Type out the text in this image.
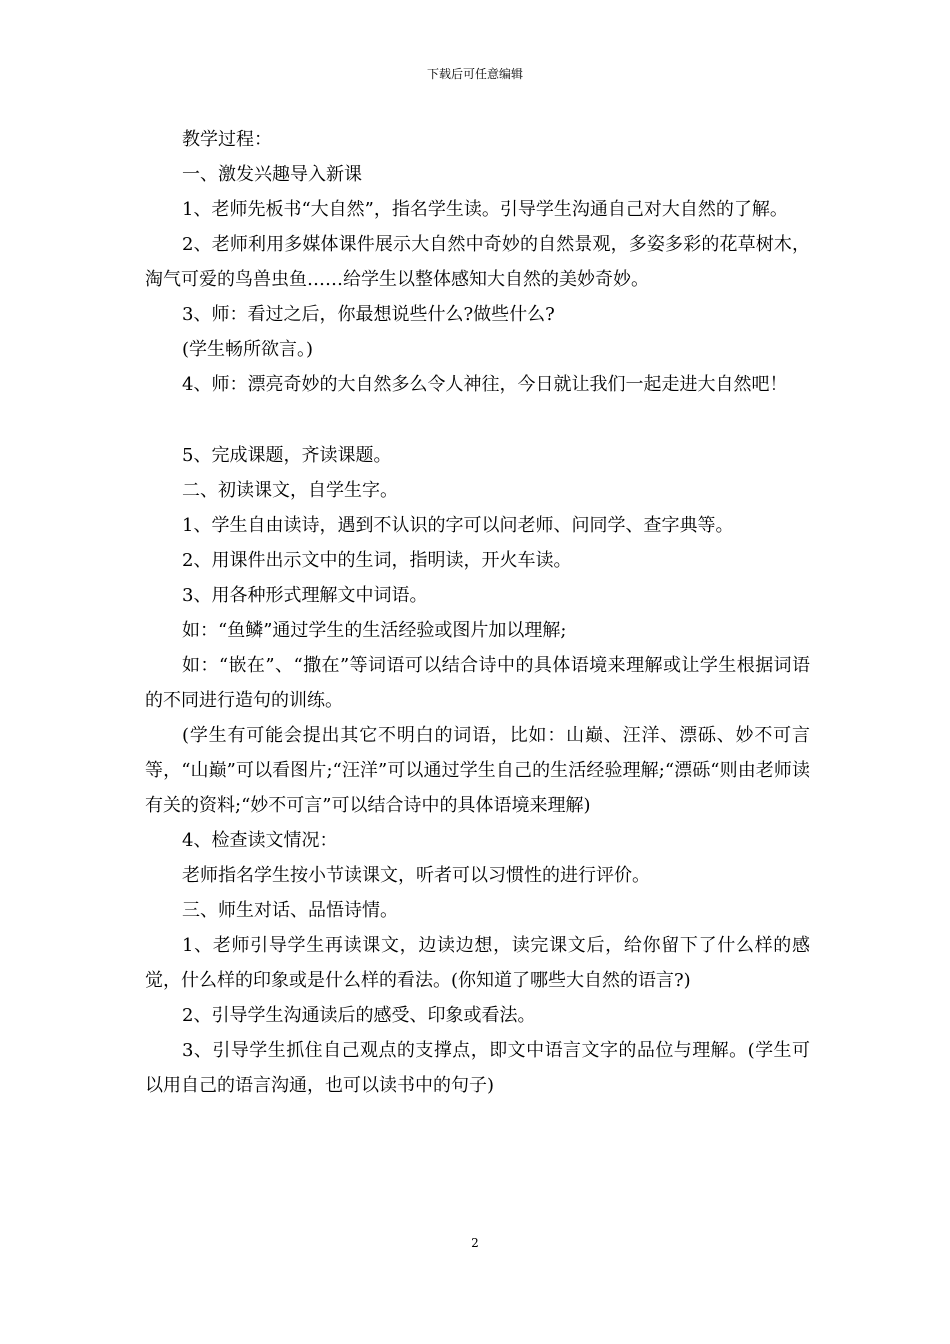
下载后可任意编辑

教学过程：

一、激发兴趣导入新课

1、老师先板书“大自然”，指名学生读。引导学生沟通自己对大自然的了解。

2、老师利用多媒体课件展示大自然中奇妙的自然景观，多姿多彩的花草树木，淘气可爱的鸟兽虫鱼……给学生以整体感知大自然的美妙奇妙。

3、师：看过之后，你最想说些什么?做些什么?

(学生畅所欲言。)

4、师：漂亮奇妙的大自然多么令人神往，今日就让我们一起走进大自然吧！

5、完成课题，齐读课题。

二、初读课文，自学生字。

1、学生自由读诗，遇到不认识的字可以问老师、问同学、查字典等。

2、用课件出示文中的生词，指明读，开火车读。

3、用各种形式理解文中词语。

如：“鱼鳞”通过学生的生活经验或图片加以理解;

如：“嵌在”、“撒在”等词语可以结合诗中的具体语境来理解或让学生根据词语的不同进行造句的训练。

(学生有可能会提出其它不明白的词语，比如：山巅、汪洋、漂砾、妙不可言等，“山巅”可以看图片;“汪洋”可以通过学生自己的生活经验理解;“漂砾“则由老师读有关的资料;“妙不可言”可以结合诗中的具体语境来理解)

4、检查读文情况：

老师指名学生按小节读课文，听者可以习惯性的进行评价。

三、师生对话、品悟诗情。

1、老师引导学生再读课文，边读边想，读完课文后，给你留下了什么样的感觉，什么样的印象或是什么样的看法。(你知道了哪些大自然的语言?)

2、引导学生沟通读后的感受、印象或看法。

3、引导学生抓住自己观点的支撑点，即文中语言文字的品位与理解。(学生可以用自己的语言沟通，也可以读书中的句子)

2
